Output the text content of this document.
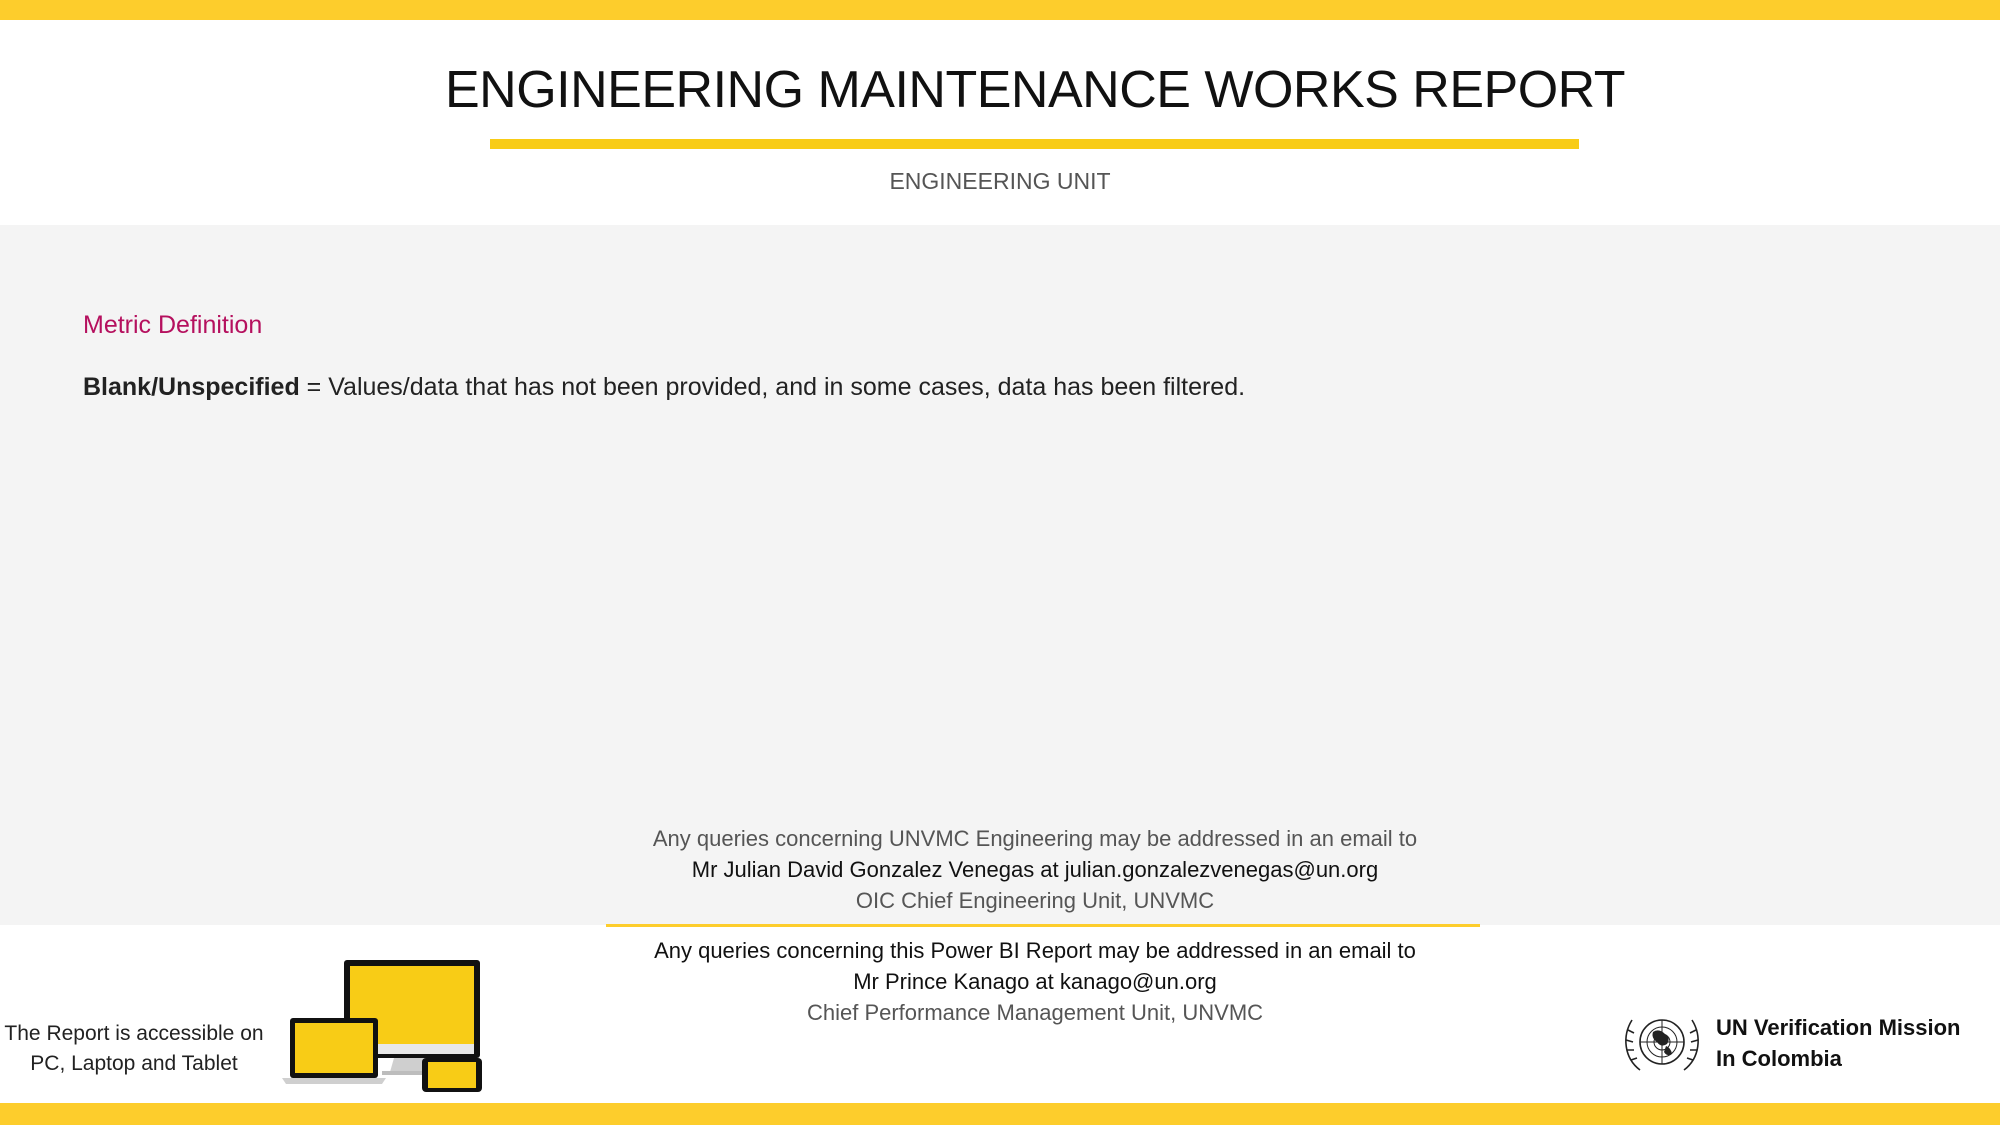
ENGINEERING MAINTENANCE WORKS REPORT
ENGINEERING UNIT
Metric Definition
Blank/Unspecified = Values/data that has not been provided, and in some cases, data has been filtered.
Any queries concerning UNVMC Engineering may be addressed in an email to
Mr Julian David Gonzalez Venegas at julian.gonzalezvenegas@un.org
OIC Chief Engineering Unit, UNVMC
Any queries concerning this Power BI Report may be addressed in an email to
Mr Prince Kanago at kanago@un.org
Chief Performance Management Unit, UNVMC
The Report is accessible on
PC, Laptop and Tablet
UN Verification Mission
In Colombia
